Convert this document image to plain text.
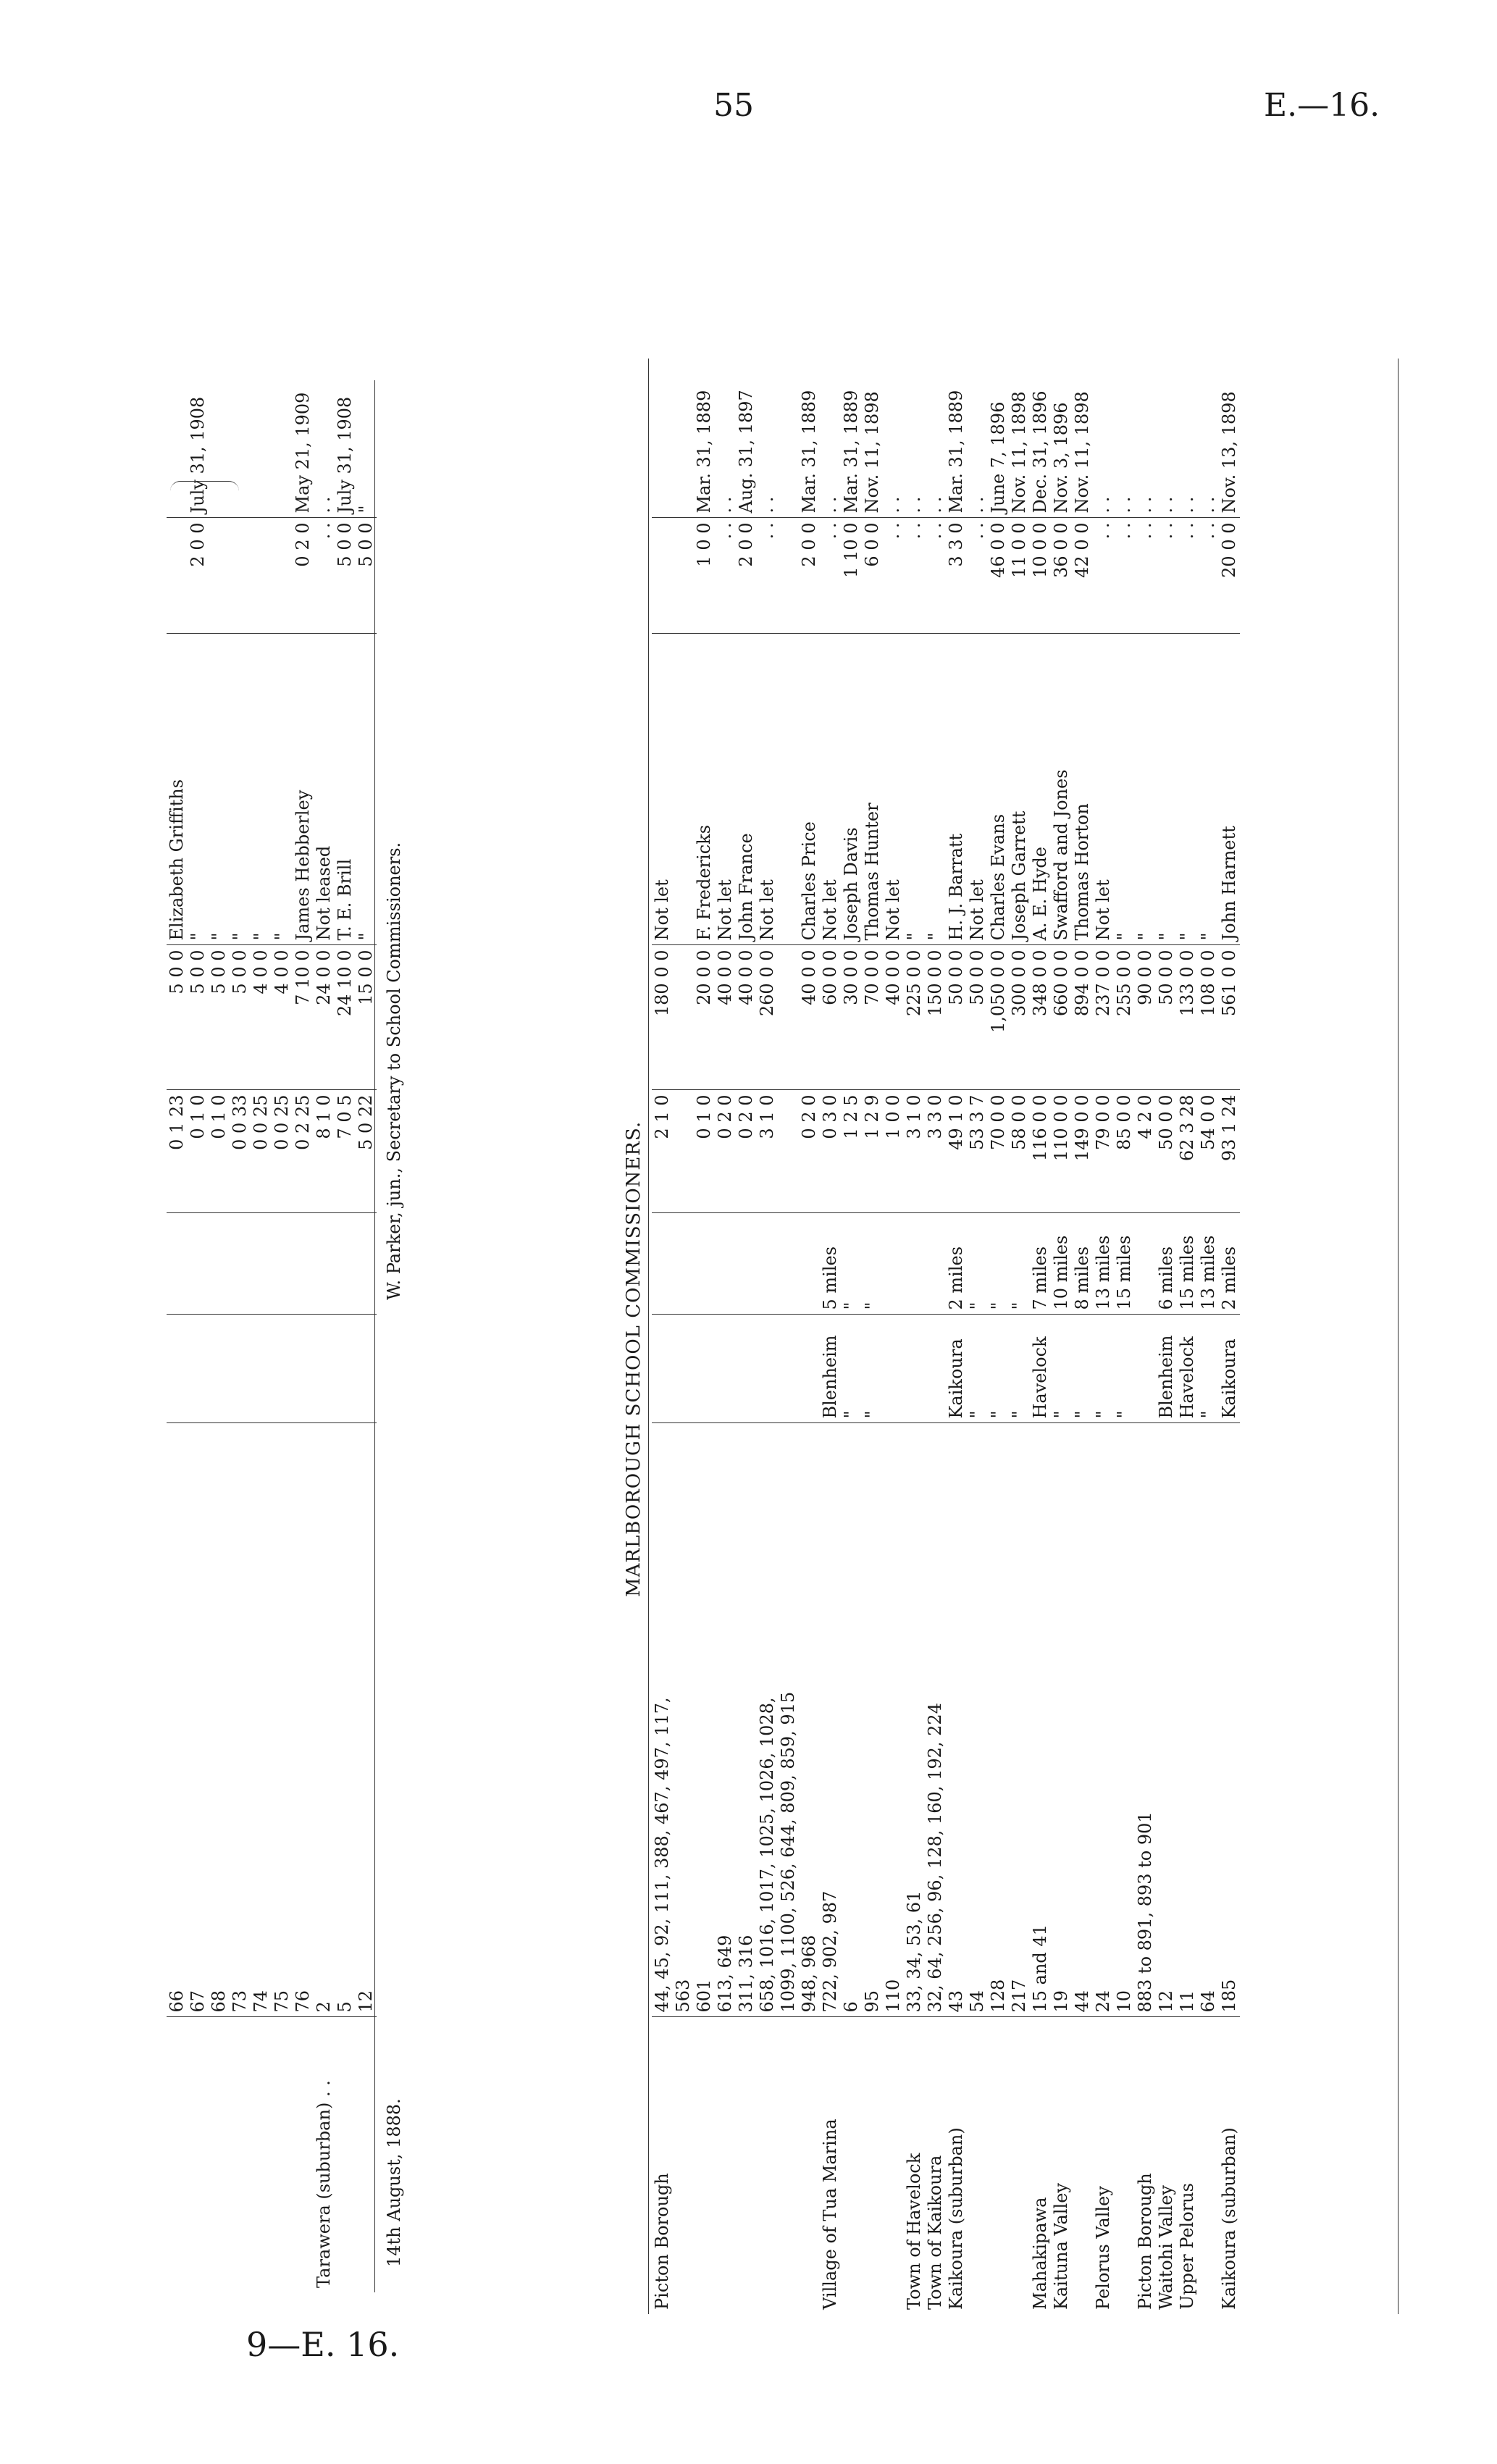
55	E.—16.
9—E. 16.
	66			0 1 23	5 0 0	Elizabeth Griffiths		
	67			0 1 0	5 0 0	"	2 0 0	July 31, 1908
	68			0 1 0	5 0 0	"		
	73			0 0 33	5 0 0	"		
	74			0 0 25	4 0 0	"		
	75			0 0 25	4 0 0	"		
	76			0 2 25	7 10 0	James Hebberley	0 2 0	May 21, 1909
Tarawera (suburban) . .	2			8 1 0	24 0 0	Not leased	. .	. .
	5			7 0 5	24 10 0	T. E. Brill	5 0 0	July 31, 1908
	12			5 0 22	15 0 0	"	5 0 0	"
14th August, 1888.
W. Parker, jun., Secretary to School Commissioners.
MARLBOROUGH SCHOOL COMMISSIONERS.
Picton Borough	44, 45, 92, 111, 388, 467, 497, 117,			2 1 0	180 0 0	Not let		
	563							
	601			0 1 0	20 0 0	F. Fredericks	1 0 0	Mar. 31, 1889
	613, 649			0 2 0	40 0 0	Not let	. .	. .
	311, 316			0 2 0	40 0 0	John France	2 0 0	Aug. 31, 1897
	658, 1016, 1017, 1025, 1026, 1028,			3 1 0	260 0 0	Not let	. .	. .
	1099, 1100, 526, 644, 809, 859, 915							
	948, 968			0 2 0	40 0 0	Charles Price	2 0 0	Mar. 31, 1889
Village of Tua Marina	722, 902, 987	Blenheim	5 miles	0 3 0	60 0 0	Not let	. .	. .
	6	"	"	1 2 5	30 0 0	Joseph Davis	1 10 0	Mar. 31, 1889
	95	"	"	1 2 9	70 0 0	Thomas Hunter	6 0 0	Nov. 11, 1898
	110			1 0 0	40 0 0	Not let	. .	. .
Town of Havelock	33, 34, 53, 61			3 1 0	225 0 0	"	. .	. .
Town of Kaikoura	32, 64, 256, 96, 128, 160, 192, 224			3 3 0	150 0 0	"	. .	. .
Kaikoura (suburban)	43	Kaikoura	2 miles	49 1 0	50 0 0	H. J. Barratt	3 3 0	Mar. 31, 1889
	54	"	"	53 3 7	50 0 0	Not let	. .	. .
	128	"	"	70 0 0	1,050 0 0	Charles Evans	46 0 0	June 7, 1896
	217	"	"	58 0 0	300 0 0	Joseph Garrett	11 0 0	Nov. 11, 1898
Mahakipawa	15 and 41	Havelock	7 miles	116 0 0	348 0 0	A. E. Hyde	10 0 0	Dec. 31, 1896
Kaituna Valley	19	"	10 miles	110 0 0	660 0 0	Swafford and Jones	36 0 0	Nov. 3, 1896
	44	"	8 miles	149 0 0	894 0 0	Thomas Horton	42 0 0	Nov. 11, 1898
Pelorus Valley	24	"	13 miles	79 0 0	237 0 0	Not let	. .	. .
	10	"	15 miles	85 0 0	255 0 0	"	. .	. .
Picton Borough	883 to 891, 893 to 901			4 2 0	90 0 0	"	. .	. .
Waitohi Valley	12	Blenheim	6 miles	50 0 0	50 0 0	"	. .	. .
Upper Pelorus	11	Havelock	15 miles	62 3 28	133 0 0	"	. .	. .
	64	"	13 miles	54 0 0	108 0 0	"	. .	. .
Kaikoura (suburban)	185	Kaikoura	2 miles	93 1 24	561 0 0	John Harnett	20 0 0	Nov. 13, 1898
